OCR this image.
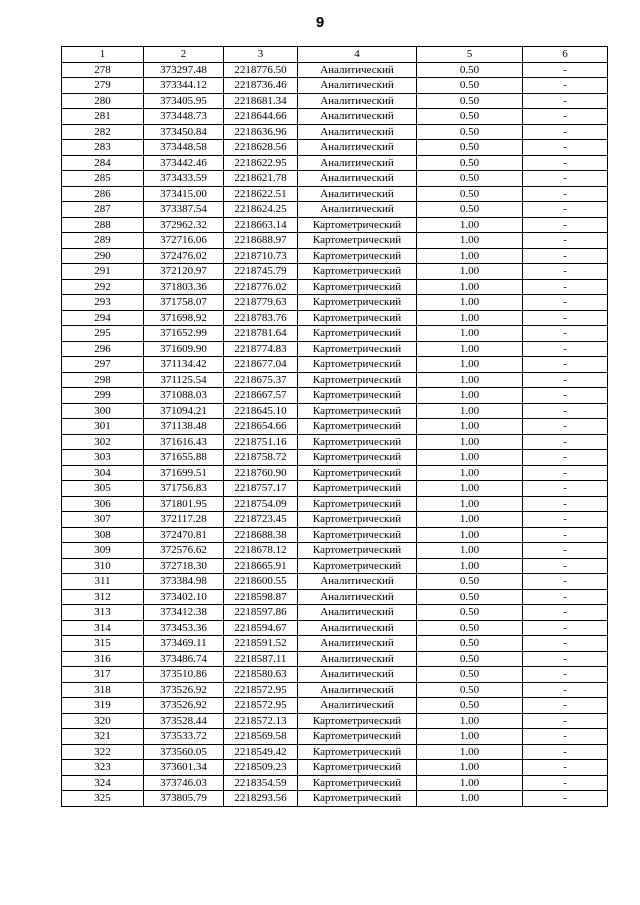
9
1	2	3	4	5	6
278	373297.48	2218776.50	Аналитический	0.50	-
279	373344.12	2218736.46	Аналитический	0.50	-
280	373405.95	2218681.34	Аналитический	0.50	-
281	373448.73	2218644.66	Аналитический	0.50	-
282	373450.84	2218636.96	Аналитический	0.50	-
283	373448.58	2218628.56	Аналитический	0.50	-
284	373442.46	2218622.95	Аналитический	0.50	-
285	373433.59	2218621.78	Аналитический	0.50	-
286	373415.00	2218622.51	Аналитический	0.50	-
287	373387.54	2218624.25	Аналитический	0.50	-
288	372962.32	2218663.14	Картометрический	1.00	-
289	372716.06	2218688.97	Картометрический	1.00	-
290	372476.02	2218710.73	Картометрический	1.00	-
291	372120.97	2218745.79	Картометрический	1.00	-
292	371803.36	2218776.02	Картометрический	1.00	-
293	371758.07	2218779.63	Картометрический	1.00	-
294	371698.92	2218783.76	Картометрический	1.00	-
295	371652.99	2218781.64	Картометрический	1.00	-
296	371609.90	2218774.83	Картометрический	1.00	-
297	371134.42	2218677.04	Картометрический	1.00	-
298	371125.54	2218675.37	Картометрический	1.00	-
299	371088.03	2218667.57	Картометрический	1.00	-
300	371094.21	2218645.10	Картометрический	1.00	-
301	371138.48	2218654.66	Картометрический	1.00	-
302	371616.43	2218751.16	Картометрический	1.00	-
303	371655.88	2218758.72	Картометрический	1.00	-
304	371699.51	2218760.90	Картометрический	1.00	-
305	371756.83	2218757.17	Картометрический	1.00	-
306	371801.95	2218754.09	Картометрический	1.00	-
307	372117.28	2218723.45	Картометрический	1.00	-
308	372470.81	2218688.38	Картометрический	1.00	-
309	372576.62	2218678.12	Картометрический	1.00	-
310	372718.30	2218665.91	Картометрический	1.00	-
311	373384.98	2218600.55	Аналитический	0.50	-
312	373402.10	2218598.87	Аналитический	0.50	-
313	373412.38	2218597.86	Аналитический	0.50	-
314	373453.36	2218594.67	Аналитический	0.50	-
315	373469.11	2218591.52	Аналитический	0.50	-
316	373486.74	2218587.11	Аналитический	0.50	-
317	373510.86	2218580.63	Аналитический	0.50	-
318	373526.92	2218572.95	Аналитический	0.50	-
319	373526.92	2218572.95	Аналитический	0.50	-
320	373528.44	2218572.13	Картометрический	1.00	-
321	373533.72	2218569.58	Картометрический	1.00	-
322	373560.05	2218549.42	Картометрический	1.00	-
323	373601.34	2218509.23	Картометрический	1.00	-
324	373746.03	2218354.59	Картометрический	1.00	-
325	373805.79	2218293.56	Картометрический	1.00	-
